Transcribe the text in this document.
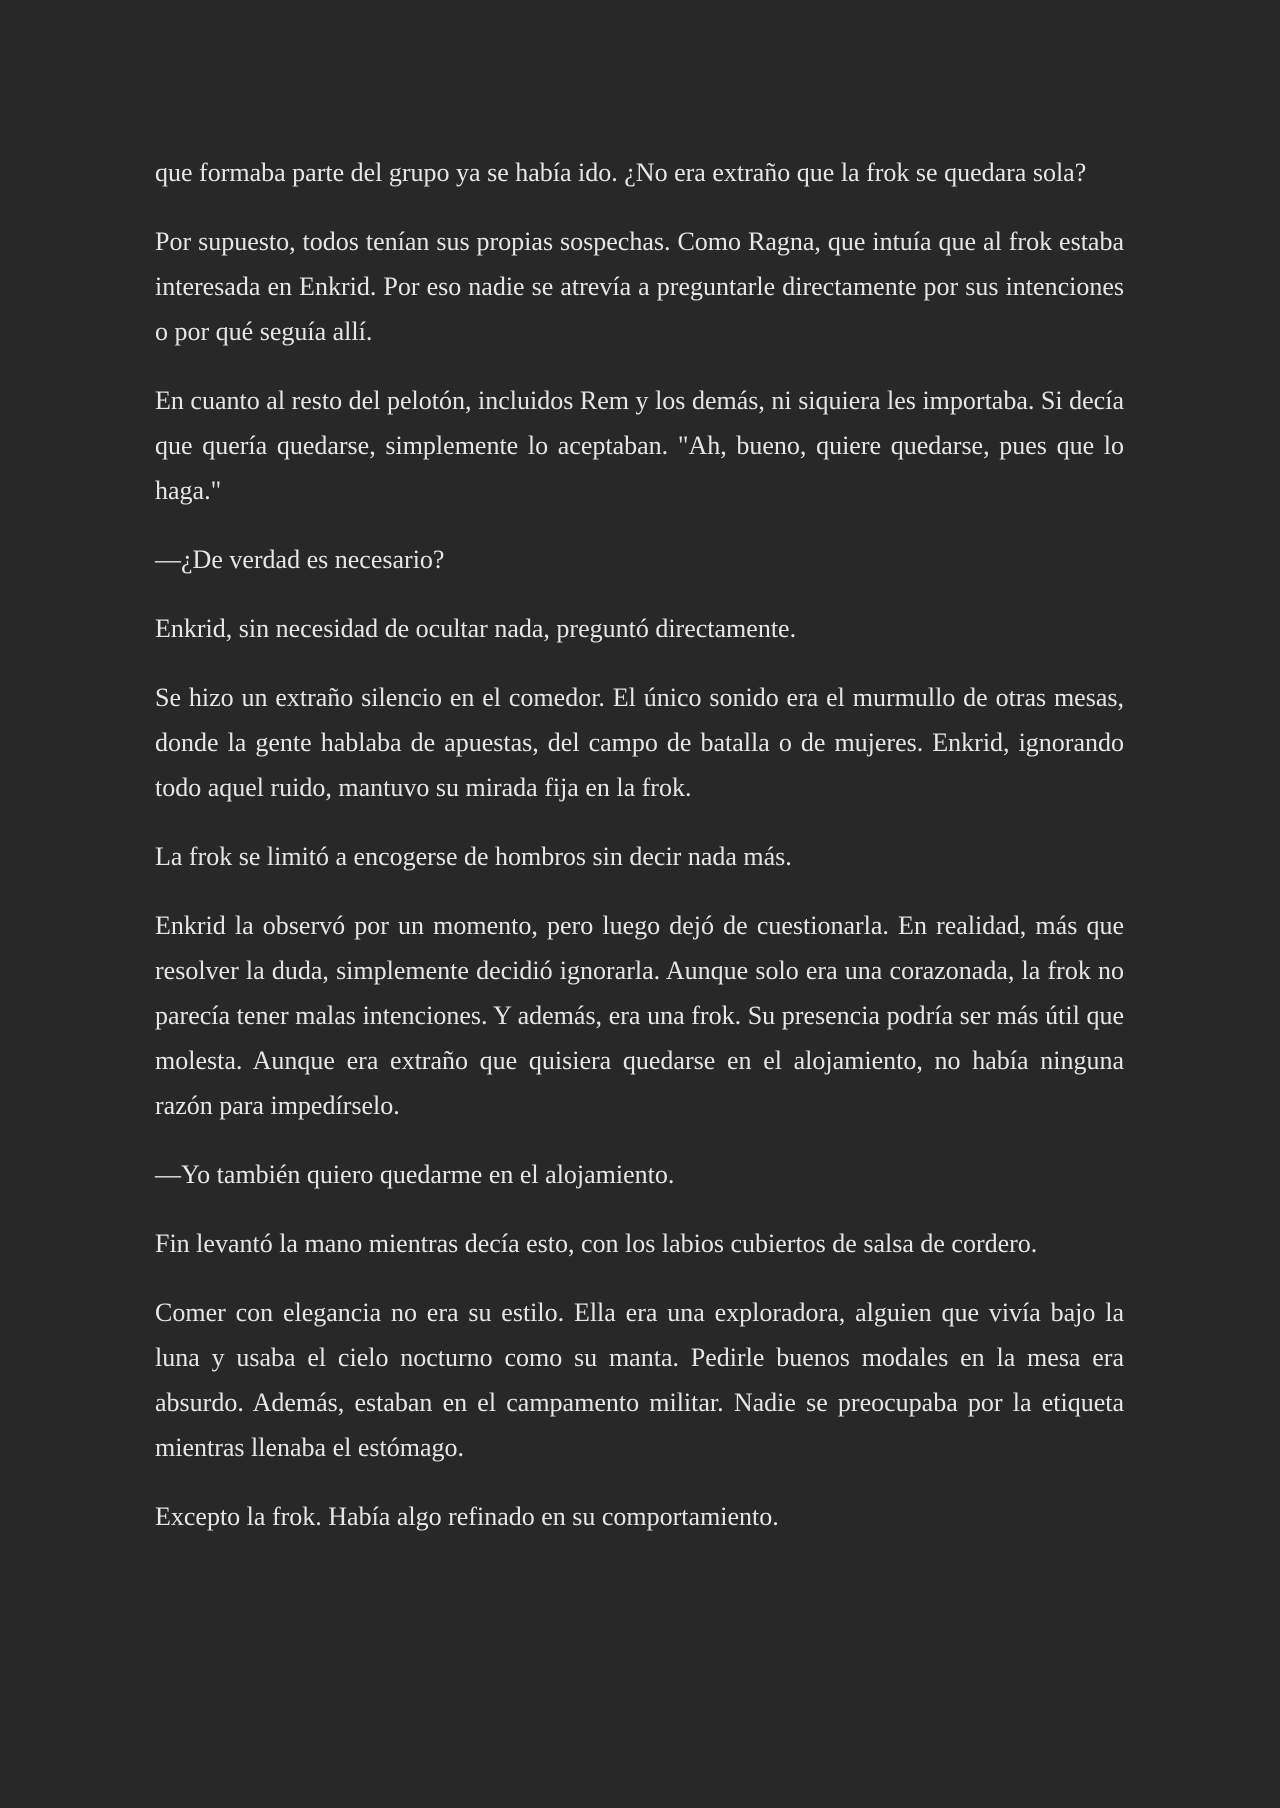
que formaba parte del grupo ya se había ido. ¿No era extraño que la frok se quedara sola?

Por supuesto, todos tenían sus propias sospechas. Como Ragna, que intuía que al frok estaba interesada en Enkrid. Por eso nadie se atrevía a preguntarle directamente por sus intenciones o por qué seguía allí.

En cuanto al resto del pelotón, incluidos Rem y los demás, ni siquiera les importaba. Si decía que quería quedarse, simplemente lo aceptaban. "Ah, bueno, quiere quedarse, pues que lo haga."

—¿De verdad es necesario?

Enkrid, sin necesidad de ocultar nada, preguntó directamente.

Se hizo un extraño silencio en el comedor. El único sonido era el murmullo de otras mesas, donde la gente hablaba de apuestas, del campo de batalla o de mujeres. Enkrid, ignorando todo aquel ruido, mantuvo su mirada fija en la frok.

La frok se limitó a encogerse de hombros sin decir nada más.

Enkrid la observó por un momento, pero luego dejó de cuestionarla. En realidad, más que resolver la duda, simplemente decidió ignorarla. Aunque solo era una corazonada, la frok no parecía tener malas intenciones. Y además, era una frok. Su presencia podría ser más útil que molesta. Aunque era extraño que quisiera quedarse en el alojamiento, no había ninguna razón para impedírselo.

—Yo también quiero quedarme en el alojamiento.

Fin levantó la mano mientras decía esto, con los labios cubiertos de salsa de cordero.

Comer con elegancia no era su estilo. Ella era una exploradora, alguien que vivía bajo la luna y usaba el cielo nocturno como su manta. Pedirle buenos modales en la mesa era absurdo. Además, estaban en el campamento militar. Nadie se preocupaba por la etiqueta mientras llenaba el estómago.

Excepto la frok. Había algo refinado en su comportamiento.
